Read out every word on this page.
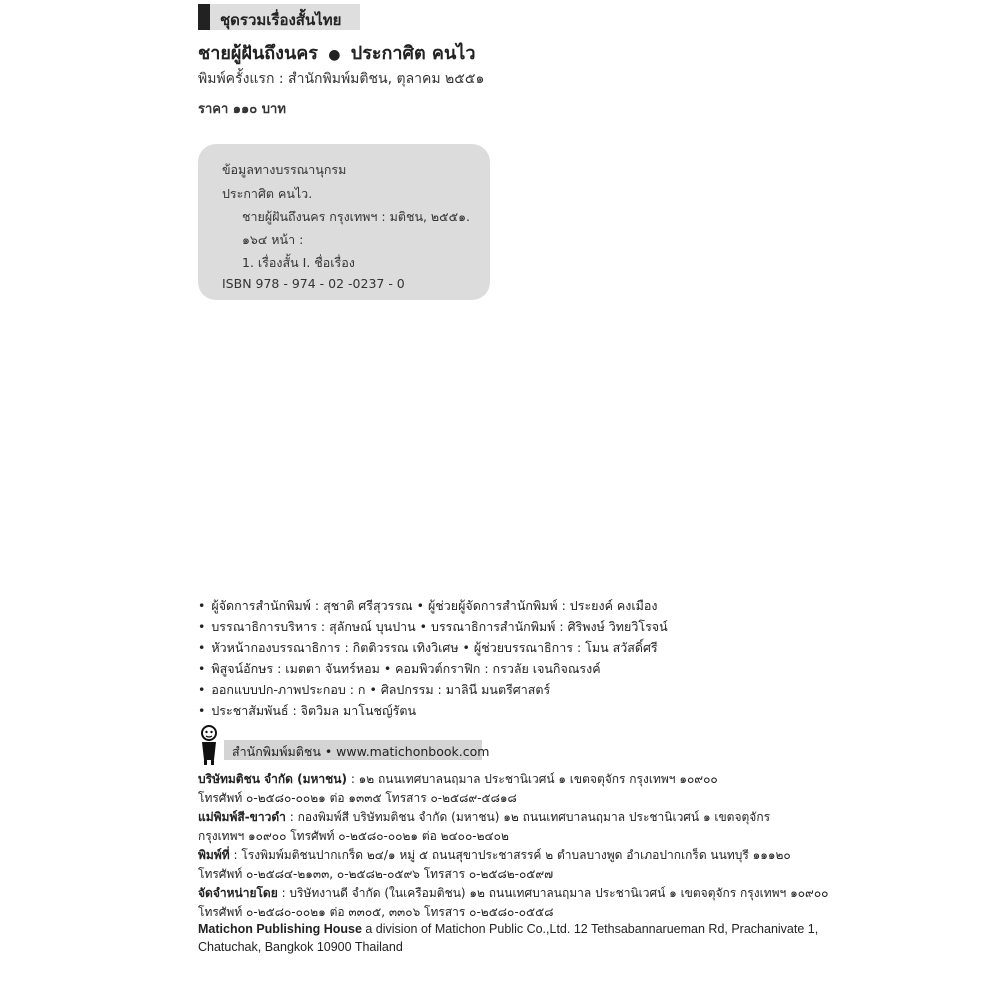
ชุดรวมเรื่องสั้นไทย
ชายผู้ฝันถึงนคร ● ประกาศิต คนไว
พิมพ์ครั้งแรก : สำนักพิมพ์มติชน, ตุลาคม ๒๕๕๑
ราคา ๑๑๐ บาท
ข้อมูลทางบรรณานุกรม
ประกาศิต คนไว.
ชายผู้ฝันถึงนคร กรุงเทพฯ : มติชน, ๒๕๕๑.
๑๖๔ หน้า :
1. เรื่องสั้น I. ชื่อเรื่อง
ISBN 978 - 974 - 02 -0237 - 0
• ผู้จัดการสำนักพิมพ์ : สุชาติ ศรีสุวรรณ • ผู้ช่วยผู้จัดการสำนักพิมพ์ : ประยงค์ คงเมือง
• บรรณาธิการบริหาร : สุลักษณ์ บุนปาน • บรรณาธิการสำนักพิมพ์ : ศิริพงษ์ วิทยวิโรจน์
• หัวหน้ากองบรรณาธิการ : กิตติวรรณ เทิงวิเศษ • ผู้ช่วยบรรณาธิการ : โมน สวัสดิ์ศรี
• พิสูจน์อักษร : เมตตา จันทร์หอม • คอมพิวต์กราฟิก : กรวลัย เจนกิจณรงค์
• ออกแบบปก-ภาพประกอบ : ก • ศิลปกรรม : มาลินี มนตรีศาสตร์
• ประชาสัมพันธ์ : จิตวิมล มาโนชญ์รัตน
สำนักพิมพ์มติชน • www.matichonbook.com
บริษัทมติชน จำกัด (มหาชน) : ๑๒ ถนนเทศบาลนฤมาล ประชานิเวศน์ ๑ เขตจตุจักร กรุงเทพฯ ๑๐๙๐๐
โทรศัพท์ ๐-๒๕๘๐-๐๐๒๑ ต่อ ๑๓๓๕ โทรสาร ๐-๒๕๘๙-๕๘๑๘
แม่พิมพ์สี-ขาวดำ : กองพิมพ์สี บริษัทมติชน จำกัด (มหาชน) ๑๒ ถนนเทศบาลนฤมาล ประชานิเวศน์ ๑ เขตจตุจักร
กรุงเทพฯ ๑๐๙๐๐ โทรศัพท์ ๐-๒๕๘๐-๐๐๒๑ ต่อ ๒๔๐๐-๒๔๐๒
พิมพ์ที่ : โรงพิมพ์มติชนปากเกร็ด ๒๔/๑ หมู่ ๕ ถนนสุขาประชาสรรค์ ๒ ตำบลบางพูด อำเภอปากเกร็ด นนทบุรี ๑๑๑๒๐
โทรศัพท์ ๐-๒๕๘๔-๒๑๓๓, ๐-๒๕๘๒-๐๕๙๖ โทรสาร ๐-๒๕๘๒-๐๕๙๗
จัดจำหน่ายโดย : บริษัทงานดี จำกัด (ในเครือมติชน) ๑๒ ถนนเทศบาลนฤมาล ประชานิเวศน์ ๑ เขตจตุจักร กรุงเทพฯ ๑๐๙๐๐
โทรศัพท์ ๐-๒๕๘๐-๐๐๒๑ ต่อ ๓๓๐๕, ๓๓๐๖ โทรสาร ๐-๒๕๘๐-๐๕๕๘
Matichon Publishing House a division of Matichon Public Co.,Ltd. 12 Tethsabannarueman Rd, Prachanivate 1,
Chatuchak, Bangkok 10900 Thailand
